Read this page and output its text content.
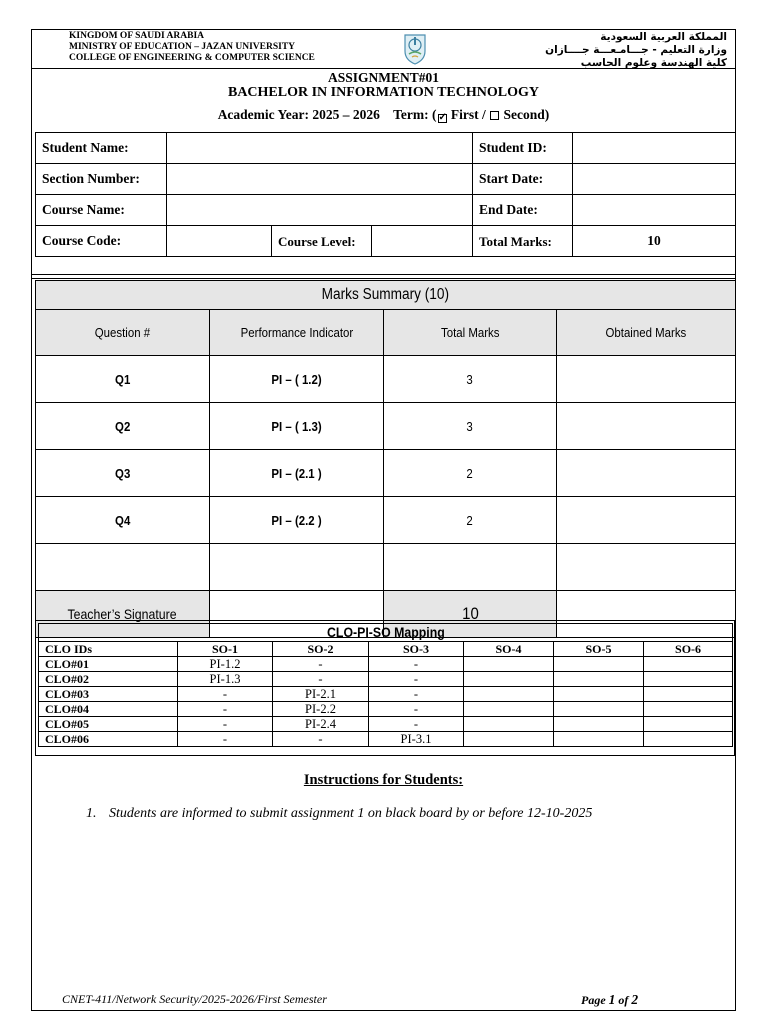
KINGDOM OF SAUDI ARABIA
MINISTRY OF EDUCATION – JAZAN UNIVERSITY
COLLEGE OF ENGINEERING & COMPUTER SCIENCE
المملكة العربية السعودية
وزارة التعليم - جـــامـعـــة جــــازان
كلية الهندسة وعلوم الحاسب
ASSIGNMENT#01
BACHELOR IN INFORMATION TECHNOLOGY
Academic Year: 2025 – 2026 Term: ( ✓ First / Second)
Student Name:				Student ID:	
Section Number:				Start Date:	
Course Name:				End Date:	
Course Code:		Course Level:		Total Marks:	10
Marks Summary (10)			
Question #	Performance Indicator	Total Marks	Obtained Marks
Q1	PI – ( 1.2)	3	
Q2	PI – ( 1.3)	3	
Q3	PI – (2.1 )	2	
Q4	PI – (2.2 )	2	

Teacher’s Signature		10	
CLO-PI-SO Mapping						
CLO IDs	SO-1	SO-2	SO-3	SO-4	SO-5	SO-6
CLO#01	PI-1.2	-	-			
CLO#02	PI-1.3	-	-			
CLO#03	-	PI-2.1	-			
CLO#04	-	PI-2.2	-			
CLO#05	-	PI-2.4	-			
CLO#06	-	-	PI-3.1			
Instructions for Students:
1. Students are informed to submit assignment 1 on black board by or before 12-10-2025
CNET-411/Network Security/2025-2026/First Semester	Page 1 of 2
